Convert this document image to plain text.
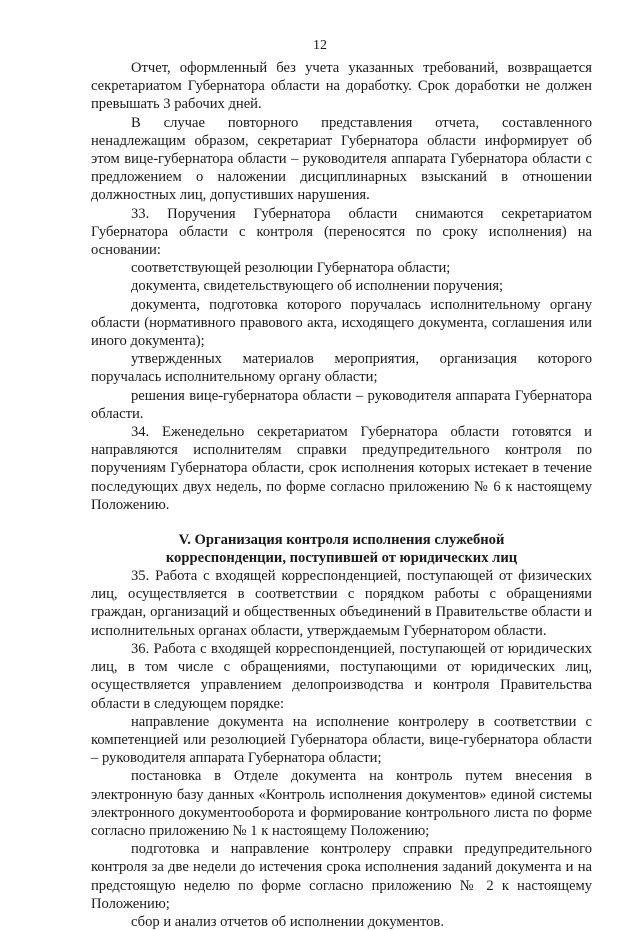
12

Отчет, оформленный без учета указанных требований, возвращается секретариатом Губернатора области на доработку. Срок доработки не должен превышать 3 рабочих дней.

В случае повторного представления отчета, составленного ненадлежащим образом, секретариат Губернатора области информирует об этом вице-губернатора области – руководителя аппарата Губернатора области с предложением о наложении дисциплинарных взысканий в отношении должностных лиц, допустивших нарушения.

33. Поручения Губернатора области снимаются секретариатом Губернатора области с контроля (переносятся по сроку исполнения) на основании:

соответствующей резолюции Губернатора области;

документа, свидетельствующего об исполнении поручения;

документа, подготовка которого поручалась исполнительному органу области (нормативного правового акта, исходящего документа, соглашения или иного документа);

утвержденных материалов мероприятия, организация которого поручалась исполнительному органу области;

решения вице-губернатора области – руководителя аппарата Губернатора области.

34. Еженедельно секретариатом Губернатора области готовятся и направляются исполнителям справки предупредительного контроля по поручениям Губернатора области, срок исполнения которых истекает в течение последующих двух недель, по форме согласно приложению № 6 к настоящему Положению.

V. Организация контроля исполнения служебной
корреспонденции, поступившей от юридических лиц

35. Работа с входящей корреспонденцией, поступающей от физических лиц, осуществляется в соответствии с порядком работы с обращениями граждан, организаций и общественных объединений в Правительстве области и исполнительных органах области, утверждаемым Губернатором области.

36. Работа с входящей корреспонденцией, поступающей от юридических лиц, в том числе с обращениями, поступающими от юридических лиц, осуществляется управлением делопроизводства и контроля Правительства области в следующем порядке:

направление документа на исполнение контролеру в соответствии с компетенцией или резолюцией Губернатора области, вице-губернатора области – руководителя аппарата Губернатора области;

постановка в Отделе документа на контроль путем внесения в электронную базу данных «Контроль исполнения документов» единой системы электронного документооборота и формирование контрольного листа по форме согласно приложению № 1 к настоящему Положению;

подготовка и направление контролеру справки предупредительного контроля за две недели до истечения срока исполнения заданий документа и на предстоящую неделю по форме согласно приложению № 2 к настоящему Положению;

сбор и анализ отчетов об исполнении документов.
